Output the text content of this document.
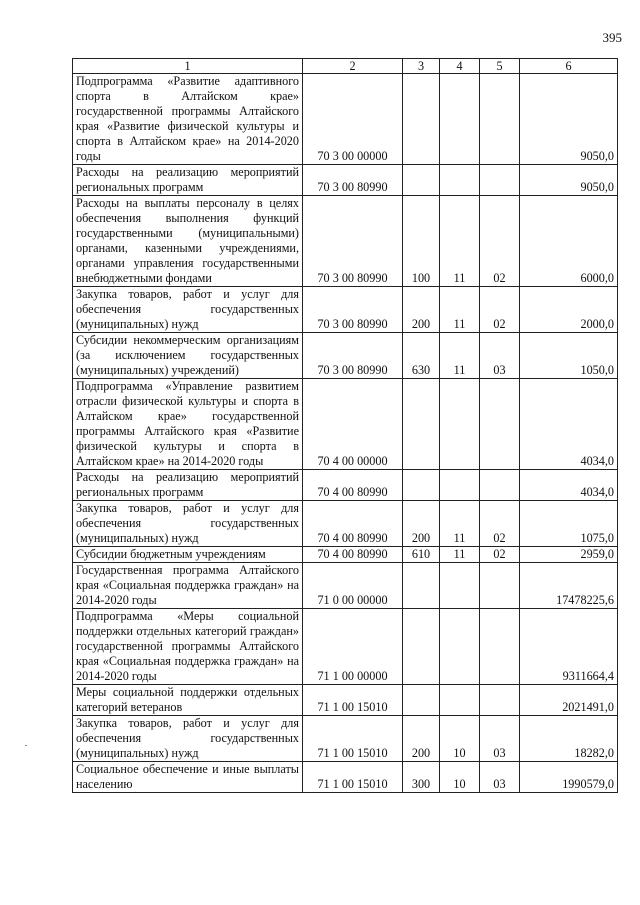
395
1	2	3	4	5	6
Подпрограмма «Развитие адаптивного спорта в Алтайском крае» государственной программы Алтайского края «Развитие физической культуры и спорта в Алтайском крае» на 2014-2020 годы	70 3 00 00000				9050,0
Расходы на реализацию мероприятий региональных программ	70 3 00 80990				9050,0
Расходы на выплаты персоналу в целях обеспечения выполнения функций государственными (муниципальными) органами, казенными учреждениями, органами управления государственными внебюджетными фондами	70 3 00 80990	100	11	02	6000,0
Закупка товаров, работ и услуг для обеспечения государственных (муниципальных) нужд	70 3 00 80990	200	11	02	2000,0
Субсидии некоммерческим организациям (за исключением государственных (муниципальных) учреждений)	70 3 00 80990	630	11	03	1050,0
Подпрограмма «Управление развитием отрасли физической культуры и спорта в Алтайском крае» государственной программы Алтайского края «Развитие физической культуры и спорта в Алтайском крае» на 2014-2020 годы	70 4 00 00000				4034,0
Расходы на реализацию мероприятий региональных программ	70 4 00 80990				4034,0
Закупка товаров, работ и услуг для обеспечения государственных (муниципальных) нужд	70 4 00 80990	200	11	02	1075,0
Субсидии бюджетным учреждениям	70 4 00 80990	610	11	02	2959,0
Государственная программа Алтайского края «Социальная поддержка граждан» на 2014-2020 годы	71 0 00 00000				17478225,6
Подпрограмма «Меры социальной поддержки отдельных категорий граждан» государственной программы Алтайского края «Социальная поддержка граждан» на 2014-2020 годы	71 1 00 00000				9311664,4
Меры социальной поддержки отдельных категорий ветеранов	71 1 00 15010				2021491,0
Закупка товаров, работ и услуг для обеспечения государственных (муниципальных) нужд	71 1 00 15010	200	10	03	18282,0
Социальное обеспечение и иные выплаты населению	71 1 00 15010	300	10	03	1990579,0
